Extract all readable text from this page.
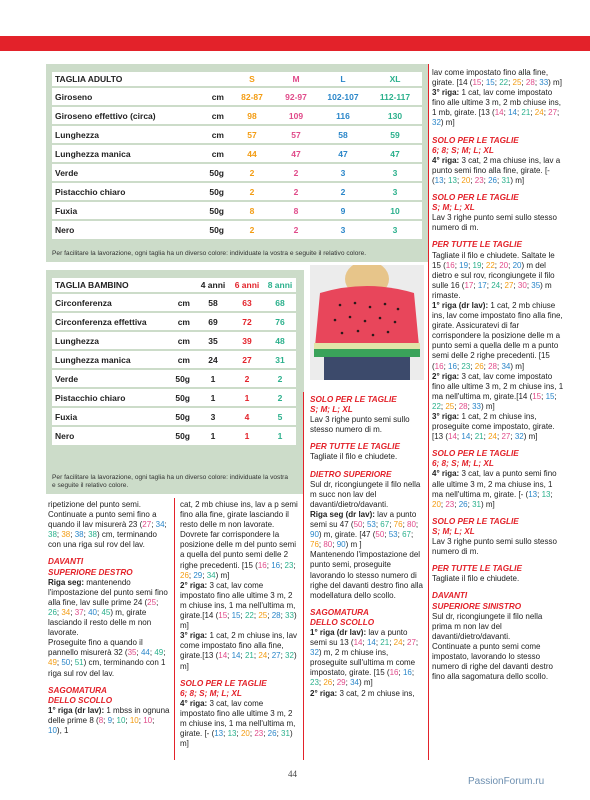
TAGLIA ADULTO		S	M	L	XL
Giroseno	cm	82-87	92-97	102-107	112-117
Giroseno effettivo (circa)	cm	98	109	116	130
Lunghezza	cm	57	57	58	59
Lunghezza manica	cm	44	47	47	47
Verde	50g	2	2	3	3
Pistacchio chiaro	50g	2	2	2	3
Fuxia	50g	8	8	9	10
Nero	50g	2	2	3	3
Per facilitare la lavorazione, ogni taglia ha un diverso colore: individuate la vostra e seguite il relativo colore.
TAGLIA BAMBINO		4 anni	6 anni	8 anni
Circonferenza	cm	58	63	68
Circonferenza effettiva	cm	69	72	76
Lunghezza	cm	35	39	48
Lunghezza manica	cm	24	27	31
Verde	50g	1	2	2
Pistacchio chiaro	50g	1	1	2
Fuxia	50g	3	4	5
Nero	50g	1	1	1
Per facilitare la lavorazione, ogni taglia ha un diverso colore: individuate la vostra e seguite il relativo colore.

ripetizione del punto semi.

Continuate a punto semi fino a quando il lav misurerà 23 (27; 34; 38; 38; 38; 38) cm, terminando con una riga sul rov del lav.

DAVANTI
SUPERIORE DESTRO

Riga seg: mantenendo l'impostazione del punto semi fino alla fine, lav sulle prime 24 (25; 26; 34; 37; 40; 45) m, girate lasciando il resto delle m non lavorate.

Proseguite fino a quando il pannello misurerà 32 (35; 44; 49; 49; 50; 51) cm, terminando con 1 riga sul rov del lav.

SAGOMATURA
DELLO SCOLLO

1° riga (dr lav): 1 mbss in ognuna delle prime 8 (8; 9; 10; 10; 10; 10), 1

cat, 2 mb chiuse ins, lav a p semi fino alla fine, girate lasciando il resto delle m non lavorate. Dovrete far corrispondere la posizione delle m del punto semi a quella del punto semi delle 2 righe precedenti. [15 (16; 16; 23; 26; 29; 34) m]

2° riga: 3 cat, lav come impostato fino alle ultime 3 m, 2 m chiuse ins, 1 ma nell'ultima m, girate.[14 (15; 15; 22; 25; 28; 33) m]

3° riga: 1 cat, 2 m chiuse ins, lav come impostato fino alla fine, girate.[13 (14; 14; 21; 24; 27; 32) m]

SOLO PER LE TAGLIE
6; 8; S; M; L; XL

4° riga: 3 cat, lav come impostato fino alle ultime 3 m, 2 m chiuse ins, 1 ma nell'ultima m, girate. [- (13; 13; 20; 23; 26; 31) m]

SOLO PER LE TAGLIE
S; M; L; XL

Lav 3 righe punto semi sullo stesso numero di m.

PER TUTTE LE TAGLIE

Tagliate il filo e chiudete.

DIETRO SUPERIORE

Sul dr, ricongiungete il filo nella m succ non lav del davanti/dietro/davanti.

Riga seg (dr lav): lav a punto semi su 47 (50; 53; 67; 76; 80; 90) m, girate. [47 (50; 53; 67; 76; 80; 90) m ]

Mantenendo l'impostazione del punto semi, proseguite lavorando lo stesso numero di righe del davanti destro fino alla modellatura dello scollo.

SAGOMATURA
DELLO SCOLLO

1° riga (dr lav): lav a punto semi su 13 (14; 14; 21; 24; 27; 32) m, 2 m chiuse ins, proseguite sull'ultima m come impostato, girate. [15 (16; 16; 23; 26; 29; 34) m]

2° riga: 3 cat, 2 m chiuse ins,

lav come impostato fino alla fine, girate. [14 (15; 15; 22; 25; 28; 33) m]

3° riga: 1 cat, lav come impostato fino alle ultime 3 m, 2 mb chiuse ins, 1 mb, girate. [13 (14; 14; 21; 24; 27; 32) m]

SOLO PER LE TAGLIE
6; 8; S; M; L; XL

4° riga: 3 cat, 2 ma chiuse ins, lav a punto semi fino alla fine, girate. [- (13; 13; 20; 23; 26; 31) m]

SOLO PER LE TAGLIE
S; M; L; XL

Lav 3 righe punto semi sullo stesso numero di m.

PER TUTTE LE TAGLIE

Tagliate il filo e chiudete. Saltate le 15 (16; 19; 19; 22; 20; 20) m del dietro e sul rov, ricongiungete il filo sulle 16 (17; 17; 24; 27; 30; 35) m rimaste.

1° riga (dr lav): 1 cat, 2 mb chiuse ins, lav come impostato fino alla fine, girate. Assicuratevi di far corrispondere la posizione delle m a punto semi a quella delle m a punto semi delle 2 righe precedenti. [15 (16; 16; 23; 26; 28; 34) m]

2° riga: 3 cat, lav come impostato fino alle ultime 3 m, 2 m chiuse ins, 1 ma nell'ultima m, girate.[14 (15; 15; 22; 25; 28; 33) m]

3° riga: 1 cat, 2 m chiuse ins, proseguite come impostato, girate. [13 (14; 14; 21; 24; 27; 32) m]

SOLO PER LE TAGLIE
6; 8; S; M; L; XL

4° riga: 3 cat, lav a punto semi fino alle ultime 3 m, 2 ma chiuse ins, 1 ma nell'ultima m, girate. [- (13; 13; 20; 23; 26; 31) m]

SOLO PER LE TAGLIE
S; M; L; XL

Lav 3 righe punto semi sullo stesso numero di m.

PER TUTTE LE TAGLIE

Tagliate il filo e chiudete.

DAVANTI
SUPERIORE SINISTRO

Sul dr, ricongiungete il filo nella prima m non lav del davanti/dietro/davanti.

Continuate a punto semi come impostato, lavorando lo stesso numero di righe del davanti destro fino alla sagomatura dello scollo.

44
PassionForum.ru
